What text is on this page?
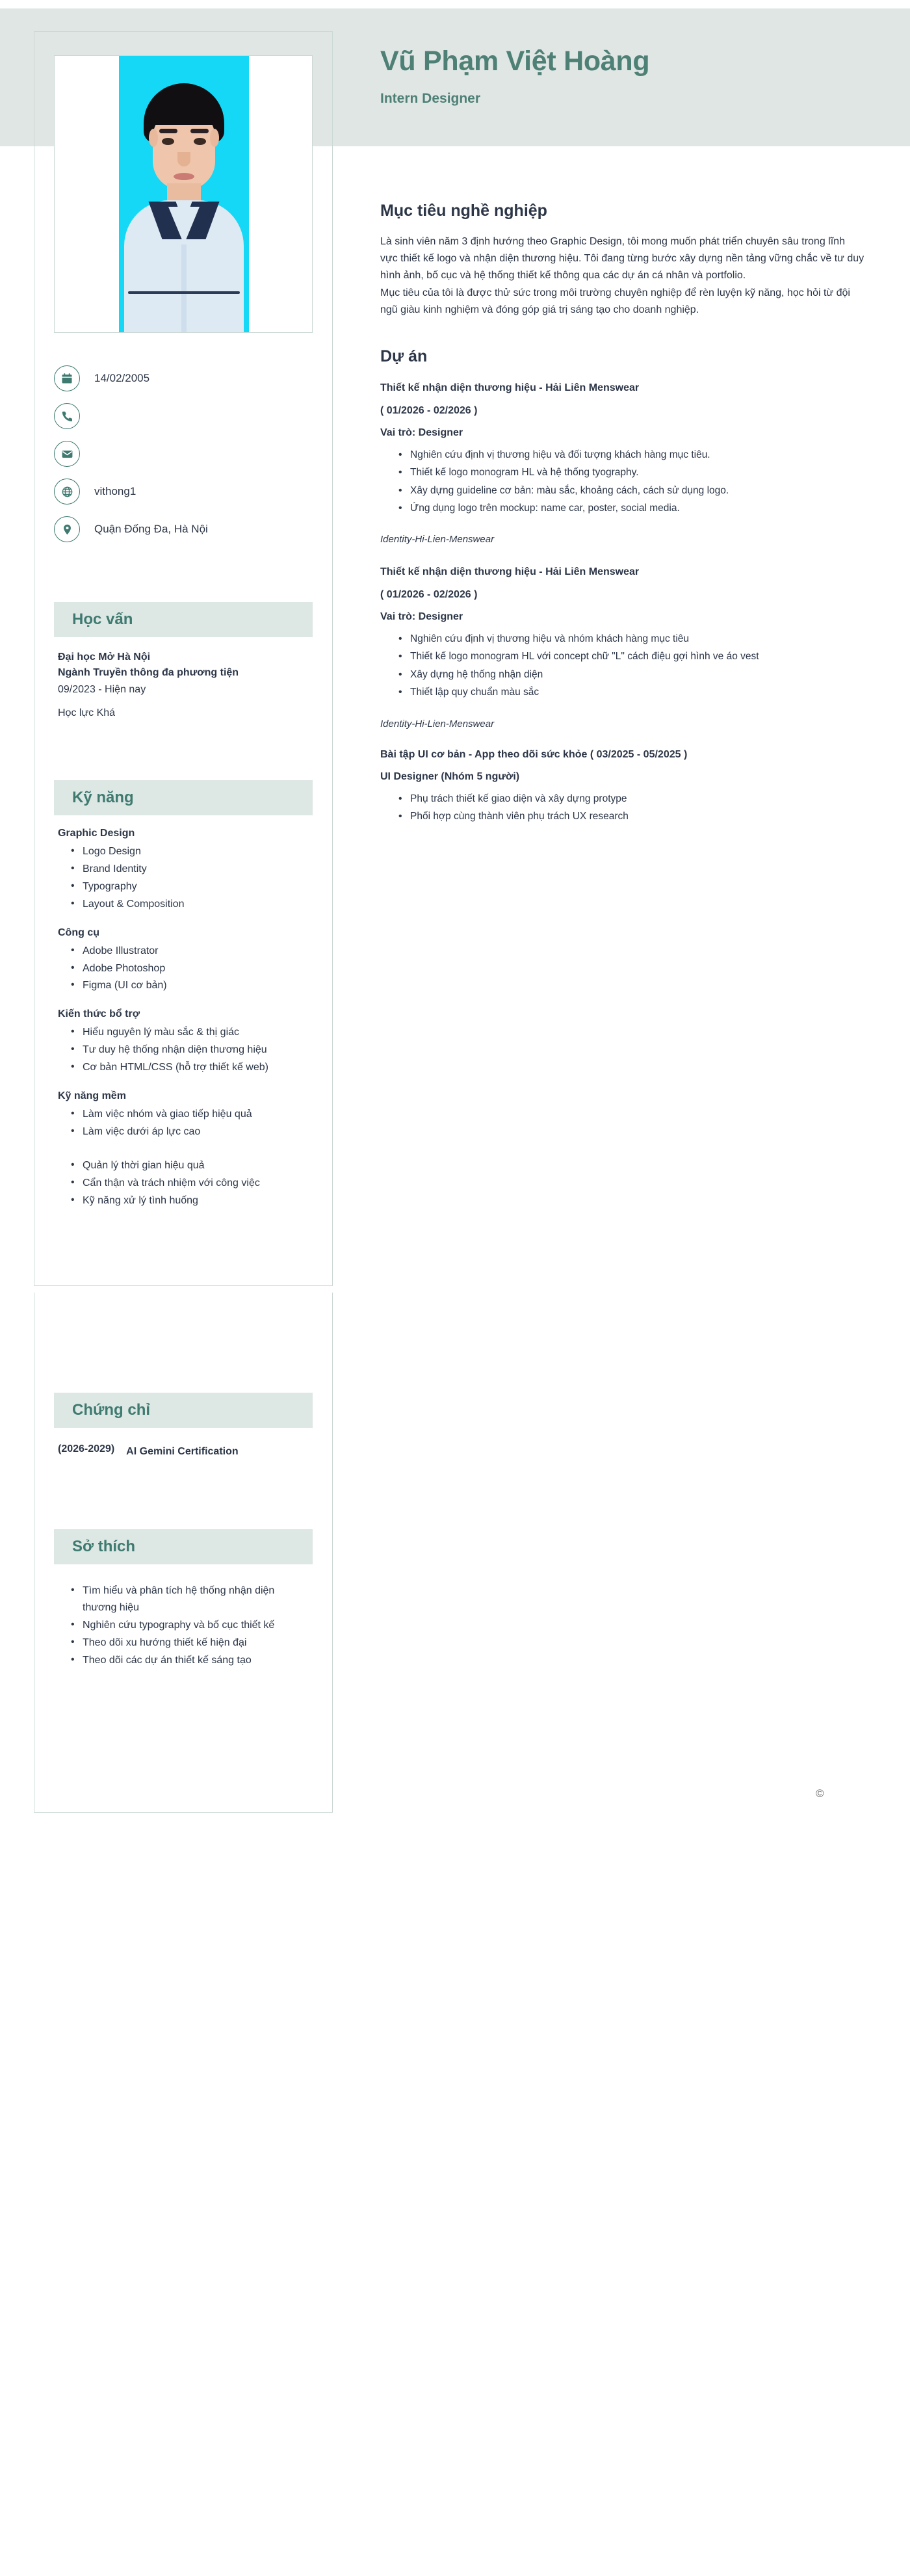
Vũ Phạm Việt Hoàng
Intern Designer
14/02/2005
vithong1
Quận Đống Đa, Hà Nội
Học vấn
Đại học Mở Hà Nội
Ngành Truyền thông đa phương tiện
09/2023 - Hiện nay
Học lực Khá
Kỹ năng
Graphic Design
• Logo Design
• Brand Identity
• Typography
• Layout & Composition
Công cụ
• Adobe Illustrator
• Adobe Photoshop
• Figma (UI cơ bản)
Kiến thức bổ trợ
• Hiểu nguyên lý màu sắc & thị giác
• Tư duy hệ thống nhận diện thương hiệu
• Cơ bản HTML/CSS (hỗ trợ thiết kế web)
Kỹ năng mềm
• Làm việc nhóm và giao tiếp hiệu quả
• Làm việc dưới áp lực cao
• Quản lý thời gian hiệu quả
• Cẩn thận và trách nhiệm với công việc
• Kỹ năng xử lý tình huống
Chứng chỉ
(2026-2029) AI Gemini Certification
Sở thích
• Tìm hiểu và phân tích hệ thống nhận diện thương hiệu
• Nghiên cứu typography và bố cục thiết kế
• Theo dõi xu hướng thiết kế hiện đại
• Theo dõi các dự án thiết kế sáng tạo
Mục tiêu nghề nghiệp
Là sinh viên năm 3 định hướng theo Graphic Design, tôi mong muốn phát triển chuyên sâu trong lĩnh vực thiết kế logo và nhận diện thương hiệu. Tôi đang từng bước xây dựng nền tảng vững chắc về tư duy hình ảnh, bố cục và hệ thống thiết kế thông qua các dự án cá nhân và portfolio.
Mục tiêu của tôi là được thử sức trong môi trường chuyên nghiệp để rèn luyện kỹ năng, học hỏi từ đội ngũ giàu kinh nghiệm và đóng góp giá trị sáng tạo cho doanh nghiệp.
Dự án
Thiết kế nhận diện thương hiệu - Hải Liên Menswear
( 01/2026 - 02/2026 )
Vai trò: Designer
• Nghiên cứu định vị thương hiệu và đối tượng khách hàng mục tiêu.
• Thiết kế logo monogram HL và hệ thống tyography.
• Xây dựng guideline cơ bản: màu sắc, khoảng cách, cách sử dụng logo.
• Ứng dụng logo trên mockup: name car, poster, social media.
Identity-Hi-Lien-Menswear
Thiết kế nhận diện thương hiệu - Hải Liên Menswear
( 01/2026 - 02/2026 )
Vai trò: Designer
• Nghiên cứu định vị thương hiệu và nhóm khách hàng mục tiêu
• Thiết kế logo monogram HL với concept chữ "L" cách điệu gợi hình ve áo vest
• Xây dựng hệ thống nhận diện
• Thiết lập quy chuẩn màu sắc
Identity-Hi-Lien-Menswear
Bài tập UI cơ bản - App theo dõi sức khỏe ( 03/2025 - 05/2025 )
UI Designer (Nhóm 5 người)
• Phụ trách thiết kế giao diện và xây dựng protype
• Phối hợp cùng thành viên phụ trách UX research
©
